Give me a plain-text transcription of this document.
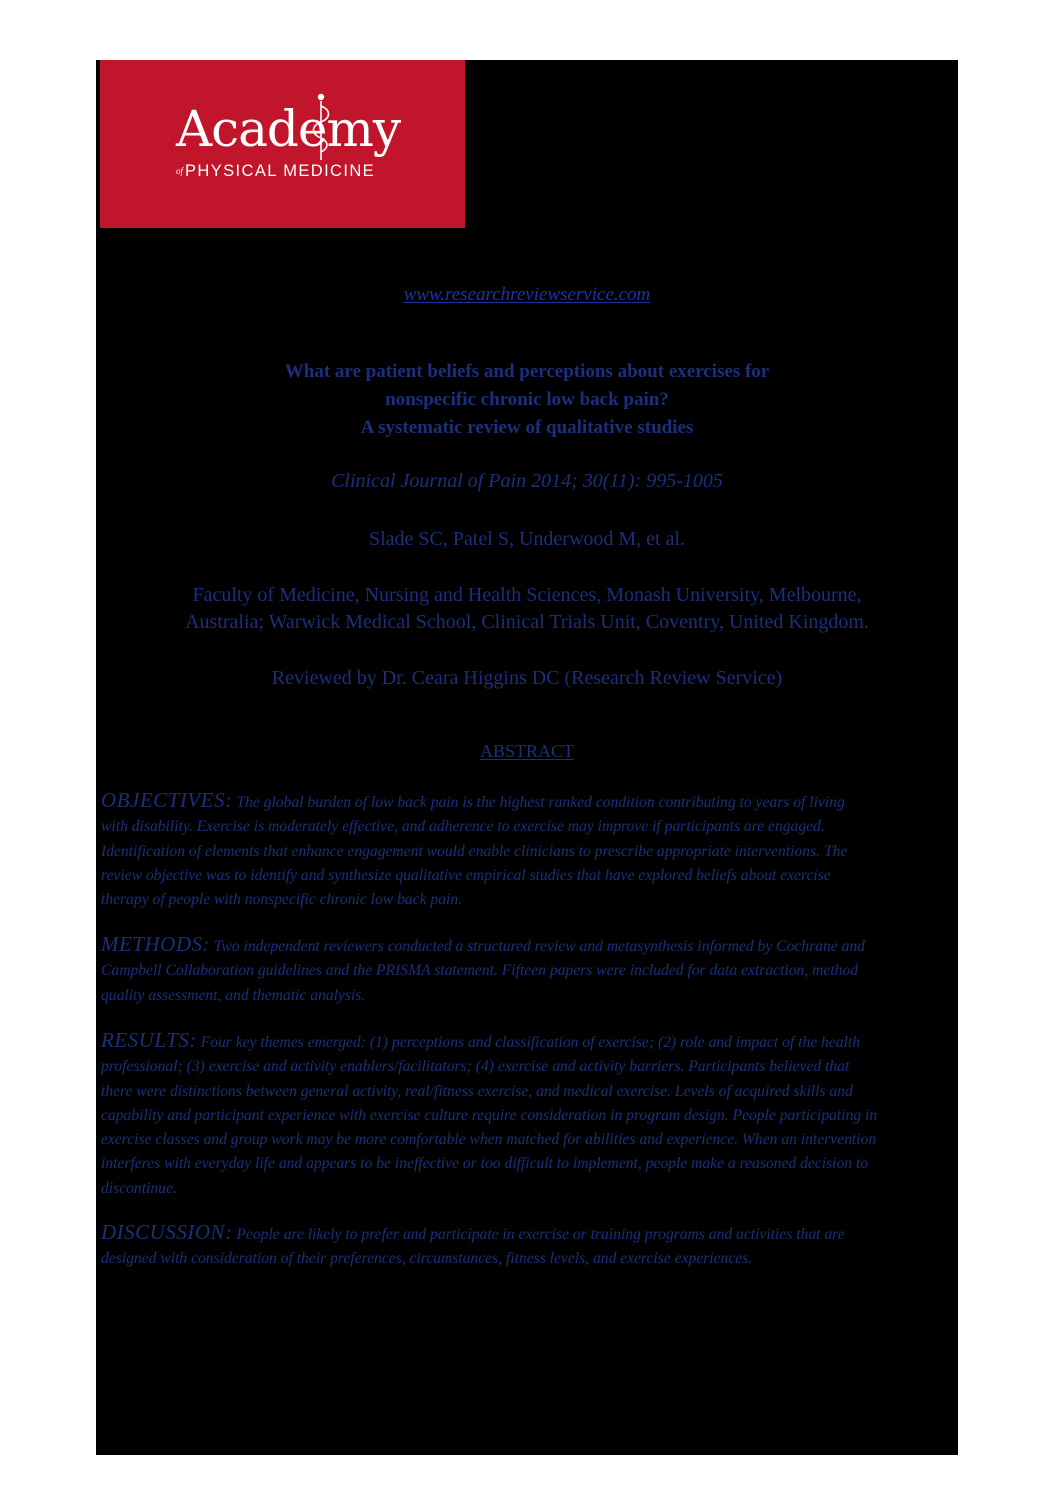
Academy
of PHYSICAL MEDICINE
www.researchreviewservice.com
What are patient beliefs and perceptions about exercises for
nonspecific chronic low back pain?
A systematic review of qualitative studies
Clinical Journal of Pain 2014; 30(11): 995-1005
Slade SC, Patel S, Underwood M, et al.
Faculty of Medicine, Nursing and Health Sciences, Monash University, Melbourne,
Australia; Warwick Medical School, Clinical Trials Unit, Coventry, United Kingdom.
Reviewed by Dr. Ceara Higgins DC (Research Review Service)
ABSTRACT
OBJECTIVES: The global burden of low back pain is the highest ranked condition contributing to years of living
with disability. Exercise is moderately effective, and adherence to exercise may improve if participants are engaged.
Identification of elements that enhance engagement would enable clinicians to prescribe appropriate interventions. The
review objective was to identify and synthesize qualitative empirical studies that have explored beliefs about exercise
therapy of people with nonspecific chronic low back pain.
METHODS: Two independent reviewers conducted a structured review and metasynthesis informed by Cochrane and
Campbell Collaboration guidelines and the PRISMA statement. Fifteen papers were included for data extraction, method
quality assessment, and thematic analysis.
RESULTS: Four key themes emerged: (1) perceptions and classification of exercise; (2) role and impact of the health
professional; (3) exercise and activity enablers/facilitators; (4) exercise and activity barriers. Participants believed that
there were distinctions between general activity, real/fitness exercise, and medical exercise. Levels of acquired skills and
capability and participant experience with exercise culture require consideration in program design. People participating in
exercise classes and group work may be more comfortable when matched for abilities and experience. When an intervention
interferes with everyday life and appears to be ineffective or too difficult to implement, people make a reasoned decision to
discontinue.
DISCUSSION: People are likely to prefer and participate in exercise or training programs and activities that are
designed with consideration of their preferences, circumstances, fitness levels, and exercise experiences.
